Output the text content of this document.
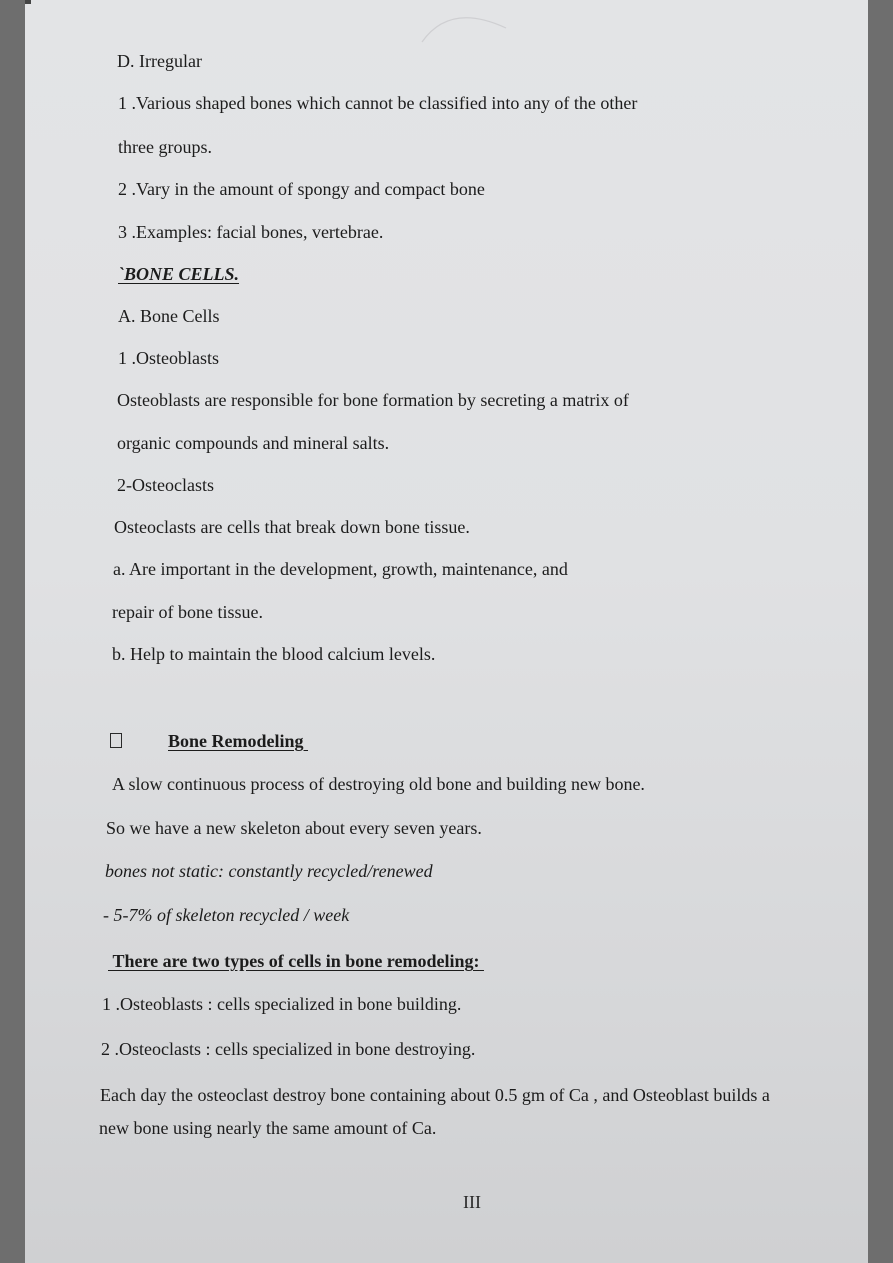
D. Irregular
1 .Various shaped bones which cannot be classified into any of the other
three groups.
2 .Vary in the amount of spongy and compact bone
3 .Examples: facial bones, vertebrae.
`BONE CELLS.
A. Bone Cells
1 .Osteoblasts
Osteoblasts are responsible for bone formation by secreting a matrix of
organic compounds and mineral salts.
2-Osteoclasts
Osteoclasts are cells that break down bone tissue.
a. Are important in the development, growth, maintenance, and
repair of bone tissue.
b. Help to maintain the blood calcium levels.
Bone Remodeling
A slow continuous process of destroying old bone and building new bone.
So we have a new skeleton about every seven years.
bones not static: constantly recycled/renewed
- 5-7% of skeleton recycled / week
There are two types of cells in bone remodeling:
1 .Osteoblasts : cells specialized in bone building.
2 .Osteoclasts : cells specialized in bone destroying.
Each day the osteoclast destroy bone containing about 0.5 gm of Ca , and Osteoblast builds a
new bone using nearly the same amount of Ca.
III
